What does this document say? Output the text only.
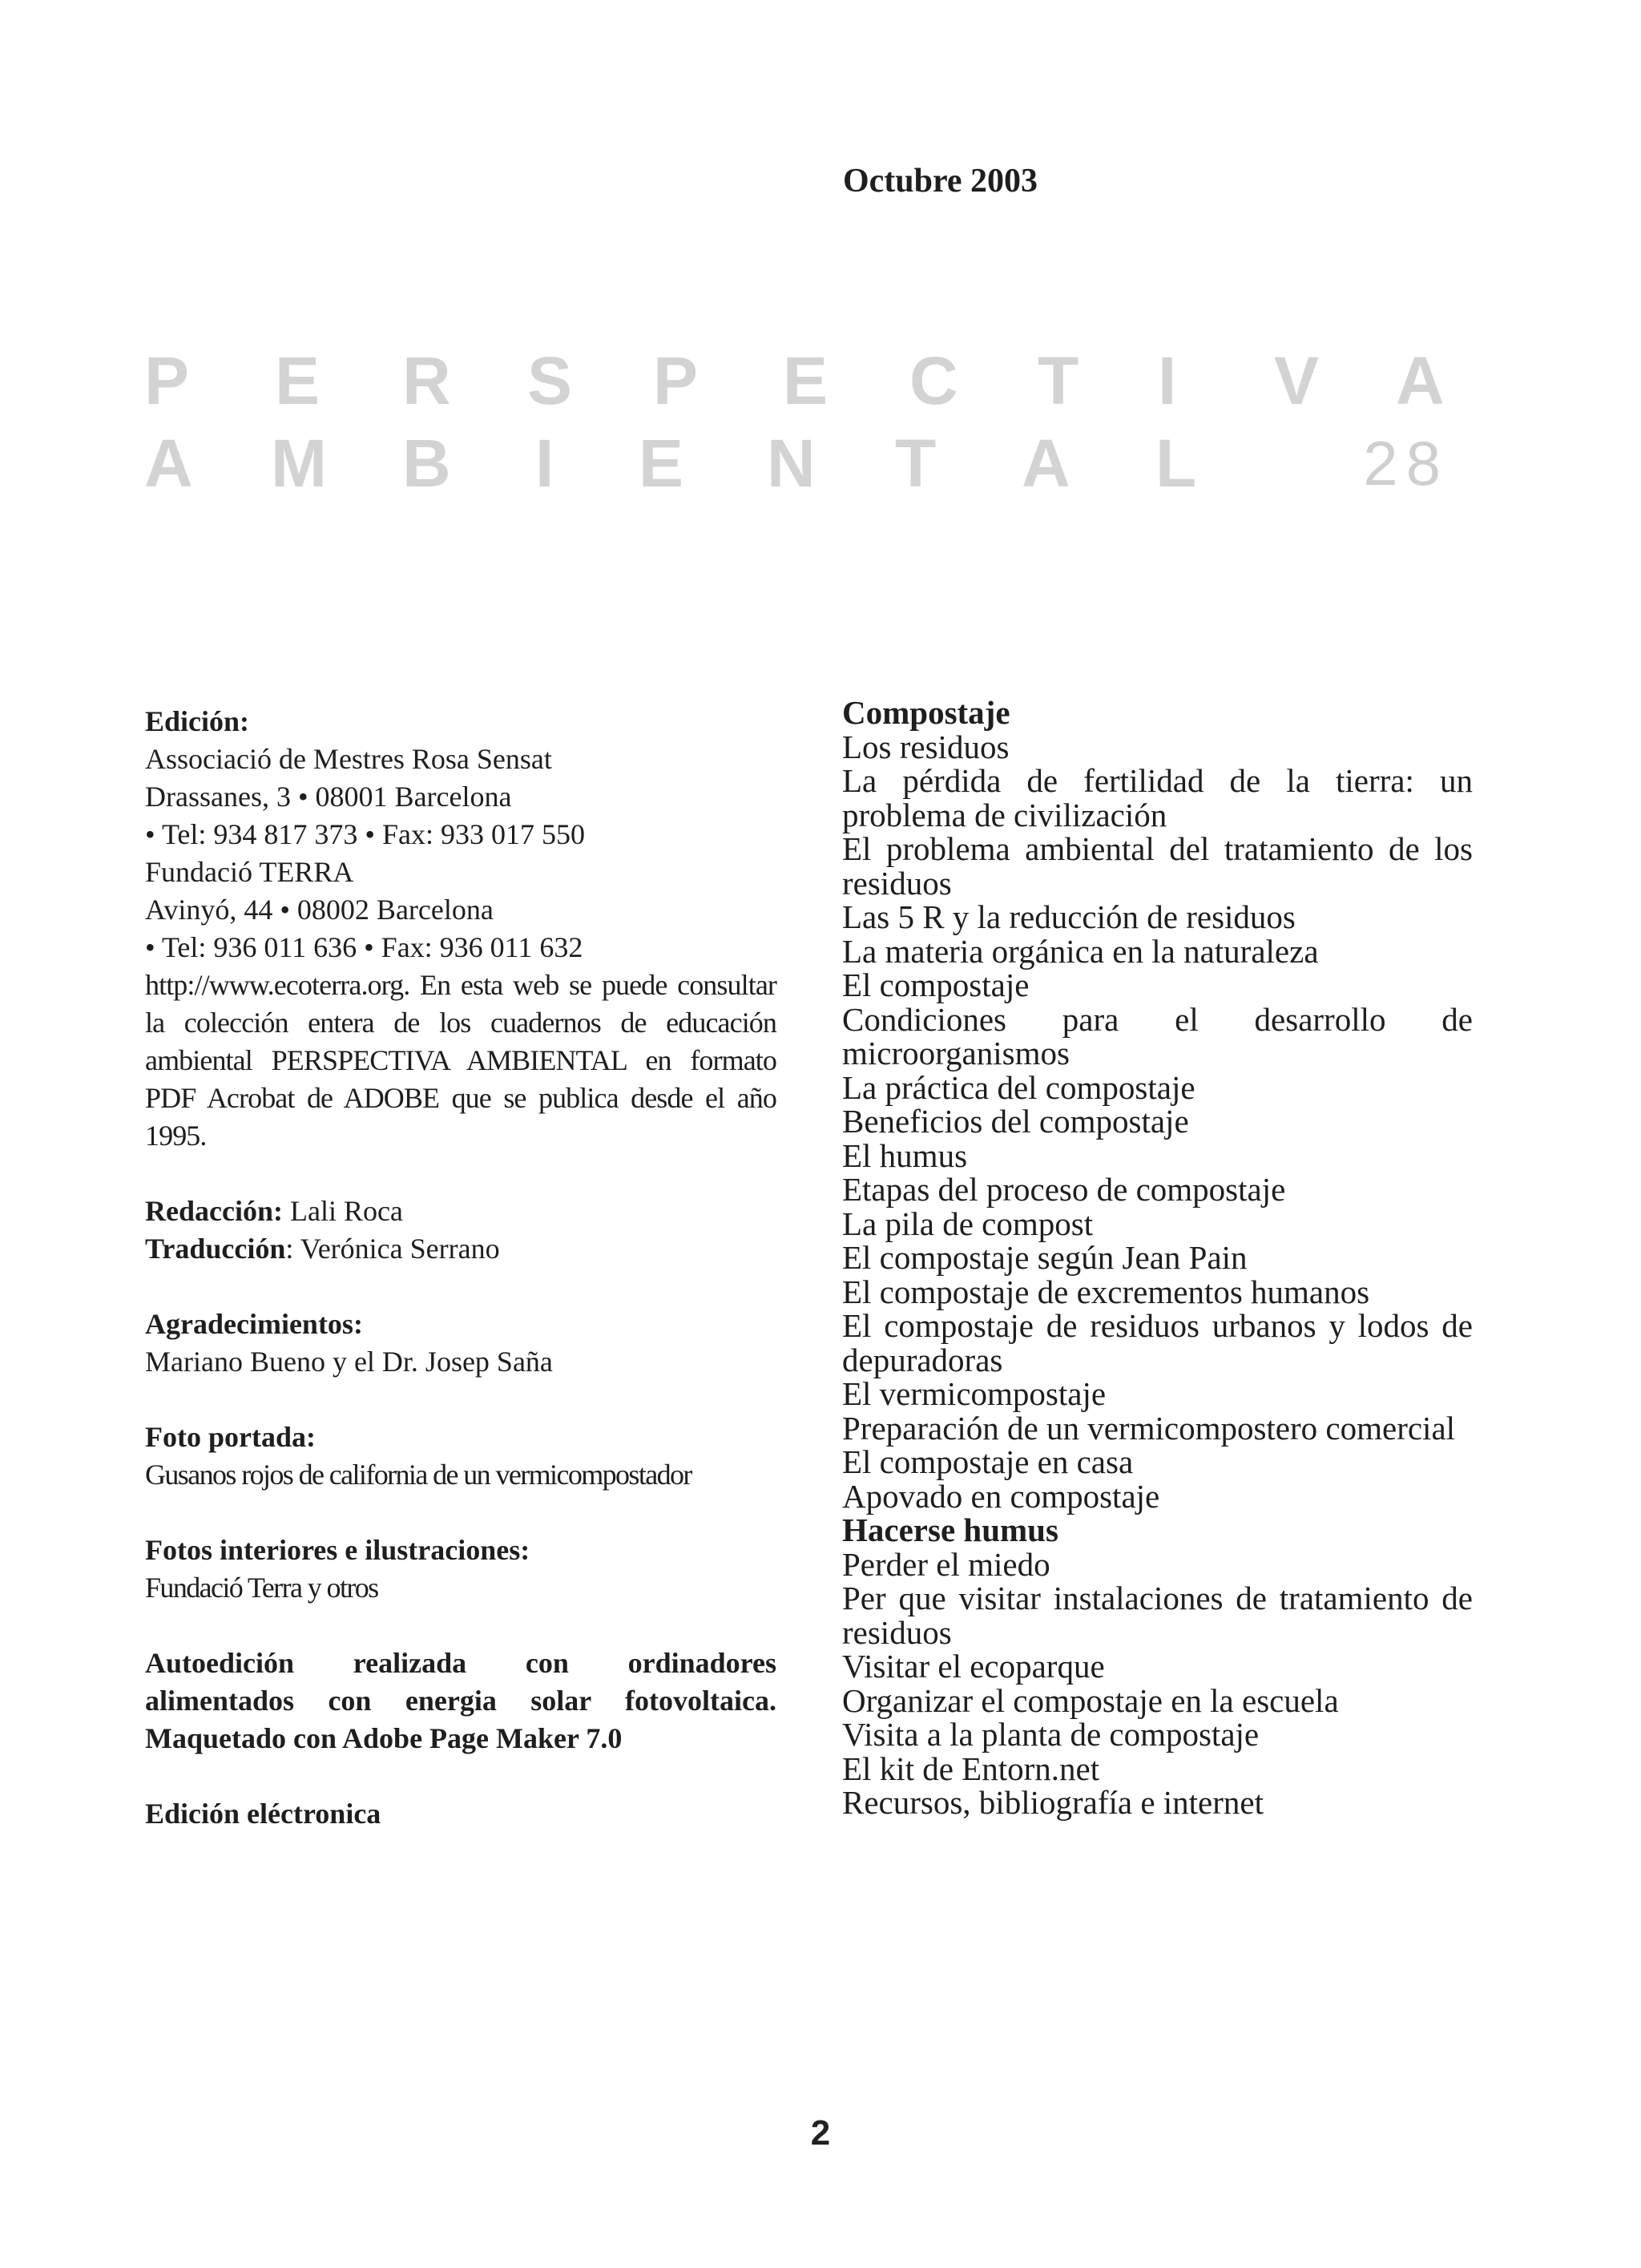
Octubre 2003
P E R S P E C T I V A
A M B I E N T A L	28

Edición:

Associació de Mestres Rosa Sensat

Drassanes, 3 • 08001 Barcelona

• Tel: 934 817 373 • Fax: 933 017 550

Fundació TERRA

Avinyó, 44 • 08002 Barcelona

• Tel: 936 011 636 • Fax: 936 011 632

http://www.ecoterra.org. En esta web se puede consultar la colección entera de los cuadernos de educación ambiental PERSPECTIVA AMBIENTAL en formato PDF Acrobat de ADOBE que se publica desde el año 1995.

Redacción: Lali Roca

Traducción: Verónica Serrano

Agradecimientos:

Mariano Bueno y el Dr. Josep Saña

Foto portada:

Gusanos rojos de california de un vermicompostador

Fotos interiores e ilustraciones:

Fundació Terra y otros

Autoedición realizada con ordinadores alimentados con energia solar fotovoltaica. Maquetado con Adobe Page Maker 7.0

Edición eléctronica

Compostaje

Los residuos

La pérdida de fertilidad de la tierra: un problema de civilización

El problema ambiental del tratamiento de los residuos

Las 5 R y la reducción de residuos

La materia orgánica en la naturaleza

El compostaje

Condiciones para el desarrollo de microorganismos

La práctica del compostaje

Beneficios del compostaje

El humus

Etapas del proceso de compostaje

La pila de compost

El compostaje según Jean Pain

El compostaje de excrementos humanos

El compostaje de residuos urbanos y lodos de depuradoras

El vermicompostaje

Preparación de un vermicompostero comercial

El compostaje en casa

Apovado en compostaje

Hacerse humus

Perder el miedo

Per que visitar instalaciones de tratamiento de residuos

Visitar el ecoparque

Organizar el compostaje en la escuela

Visita a la planta de compostaje

El kit de Entorn.net

Recursos, bibliografía e internet

2
